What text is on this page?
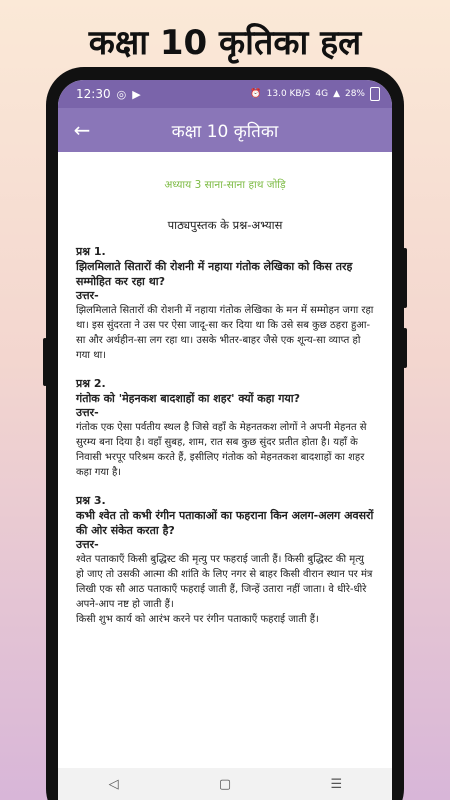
कक्षा 10 कृतिका हल
12:30 ◎ ▶	⏰ 13.0 KB/S 4G ▲ 28%
←	कक्षा 10 कृतिका
अध्याय 3 साना-साना हाथ जोड़ि
पाठ्यपुस्तक के प्रश्न-अभ्यास
प्रश्न 1.
झिलमिलाते सितारों की रोशनी में नहाया गंतोक लेखिका को किस तरह सम्मोहित कर रहा था?
उत्तर-
झिलमिलाते सितारों की रोशनी में नहाया गंतोक लेखिका के मन में सम्मोहन जगा रहा था। इस सुंदरता ने उस पर ऐसा जादू-सा कर दिया था कि उसे सब कुछ ठहरा हुआ-सा और अर्थहीन-सा लग रहा था। उसके भीतर-बाहर जैसे एक शून्य-सा व्याप्त हो गया था।
प्रश्न 2.
गंतोक को 'मेहनकश बादशाहों का शहर' क्यों कहा गया?
उत्तर-
गंतोक एक ऐसा पर्वतीय स्थल है जिसे वहाँ के मेहनतकश लोगों ने अपनी मेहनत से सुरम्य बना दिया है। वहाँ सुबह, शाम, रात सब कुछ सुंदर प्रतीत होता है। यहाँ के निवासी भरपूर परिश्रम करते हैं, इसीलिए गंतोक को मेहनतकश बादशाहों का शहर कहा गया है।
प्रश्न 3.
कभी श्वेत तो कभी रंगीन पताकाओं का फहराना किन अलग-अलग अवसरों की ओर संकेत करता है?
उत्तर-
श्वेत पताकाएँ किसी बुद्धिस्ट की मृत्यु पर फहराई जाती हैं। किसी बुद्धिस्ट की मृत्यु हो जाए तो उसकी आत्मा की शांति के लिए नगर से बाहर किसी वीरान स्थान पर मंत्र लिखी एक सौ आठ पताकाएँ फहराई जाती हैं, जिन्हें उतारा नहीं जाता। वे धीरे-धीरे अपने-आप नष्ट हो जाती हैं।
किसी शुभ कार्य को आरंभ करने पर रंगीन पताकाएँ फहराई जाती हैं।
◁	▢	☰
